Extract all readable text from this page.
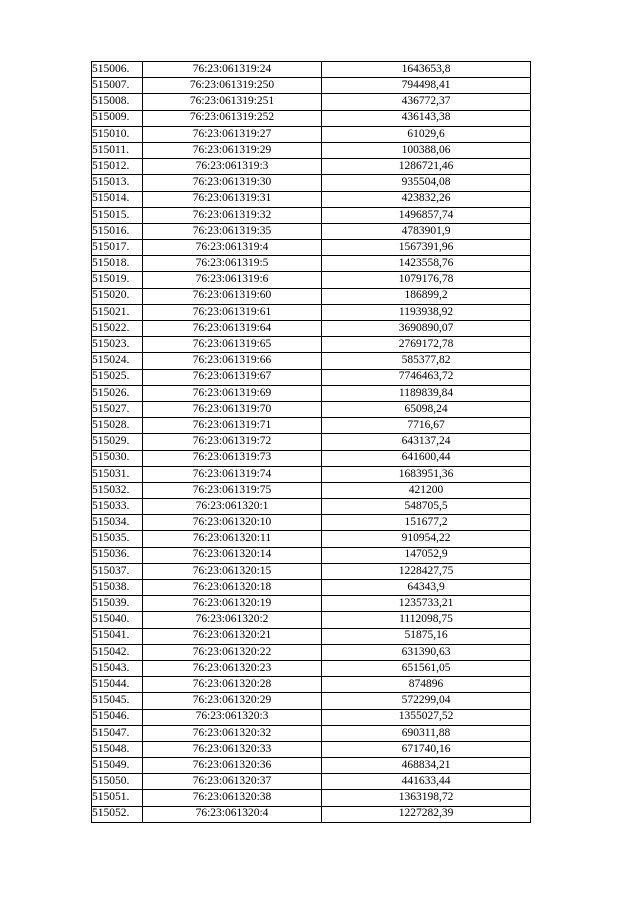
515006.	76:23:061319:24	1643653,8
515007.	76:23:061319:250	794498,41
515008.	76:23:061319:251	436772,37
515009.	76:23:061319:252	436143,38
515010.	76:23:061319:27	61029,6
515011.	76:23:061319:29	100388,06
515012.	76:23:061319:3	1286721,46
515013.	76:23:061319:30	935504,08
515014.	76:23:061319:31	423832,26
515015.	76:23:061319:32	1496857,74
515016.	76:23:061319:35	4783901,9
515017.	76:23:061319:4	1567391,96
515018.	76:23:061319:5	1423558,76
515019.	76:23:061319:6	1079176,78
515020.	76:23:061319:60	186899,2
515021.	76:23:061319:61	1193938,92
515022.	76:23:061319:64	3690890,07
515023.	76:23:061319:65	2769172,78
515024.	76:23:061319:66	585377,82
515025.	76:23:061319:67	7746463,72
515026.	76:23:061319:69	1189839,84
515027.	76:23:061319:70	65098,24
515028.	76:23:061319:71	7716,67
515029.	76:23:061319:72	643137,24
515030.	76:23:061319:73	641600,44
515031.	76:23:061319:74	1683951,36
515032.	76:23:061319:75	421200
515033.	76:23:061320:1	548705,5
515034.	76:23:061320:10	151677,2
515035.	76:23:061320:11	910954,22
515036.	76:23:061320:14	147052,9
515037.	76:23:061320:15	1228427,75
515038.	76:23:061320:18	64343,9
515039.	76:23:061320:19	1235733,21
515040.	76:23:061320:2	1112098,75
515041.	76:23:061320:21	51875,16
515042.	76:23:061320:22	631390,63
515043.	76:23:061320:23	651561,05
515044.	76:23:061320:28	874896
515045.	76:23:061320:29	572299,04
515046.	76:23:061320:3	1355027,52
515047.	76:23:061320:32	690311,88
515048.	76:23:061320:33	671740,16
515049.	76:23:061320:36	468834,21
515050.	76:23:061320:37	441633,44
515051.	76:23:061320:38	1363198,72
515052.	76:23:061320:4	1227282,39
